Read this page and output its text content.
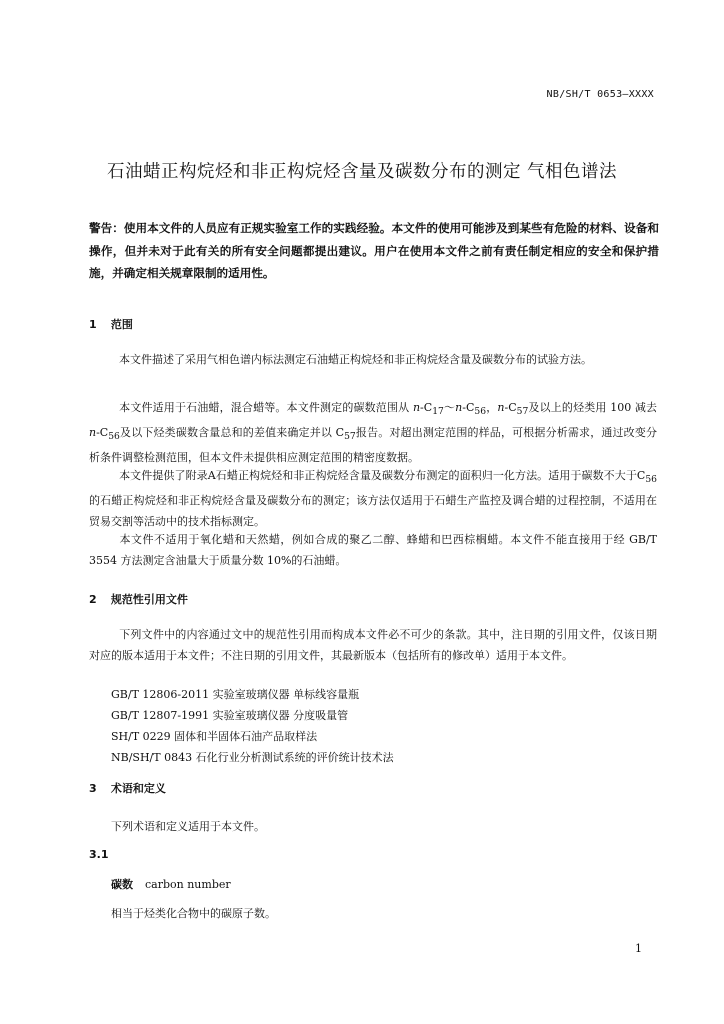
NB/SH/T 0653—XXXX
石油蜡正构烷烃和非正构烷烃含量及碳数分布的测定 气相色谱法
警告：使用本文件的人员应有正规实验室工作的实践经验。本文件的使用可能涉及到某些有危险的材料、设备和操作，但并未对于此有关的所有安全问题都提出建议。用户在使用本文件之前有责任制定相应的安全和保护措施，并确定相关规章限制的适用性。
1 范围
本文件描述了采用气相色谱内标法测定石油蜡正构烷烃和非正构烷烃含量及碳数分布的试验方法。
本文件适用于石油蜡，混合蜡等。本文件测定的碳数范围从 $n-C_{17}\sim n-C_{56}$，$n-C_{57}$及以上的烃类用 100 减去 $n-C_{56}$及以下烃类碳数含量总和的差值来确定并以 $C_{57}$报告。对超出测定范围的样品，可根据分析需求，通过改变分析条件调整检测范围，但本文件未提供相应测定范围的精密度数据。
本文件提供了附录A石蜡正构烷烃和非正构烷烃含量及碳数分布测定的面积归一化方法。适用于碳数不大于$C_{56}$的石蜡正构烷烃和非正构烷烃含量及碳数分布的测定；该方法仅适用于石蜡生产监控及调合蜡的过程控制，不适用在贸易交割等活动中的技术指标测定。
本文件不适用于氧化蜡和天然蜡，例如合成的聚乙二醇、蜂蜡和巴西棕榈蜡。本文件不能直接用于经 GB/T 3554 方法测定含油量大于质量分数 10%的石油蜡。
2 规范性引用文件
下列文件中的内容通过文中的规范性引用而构成本文件必不可少的条款。其中，注日期的引用文件，仅该日期对应的版本适用于本文件；不注日期的引用文件，其最新版本（包括所有的修改单）适用于本文件。
GB/T 12806-2011 实验室玻璃仪器 单标线容量瓶
GB/T 12807-1991 实验室玻璃仪器 分度吸量管
SH/T 0229 固体和半固体石油产品取样法
NB/SH/T 0843 石化行业分析测试系统的评价统计技术法
3 术语和定义
下列术语和定义适用于本文件。
3.1
碳数 carbon number
相当于烃类化合物中的碳原子数。
1
